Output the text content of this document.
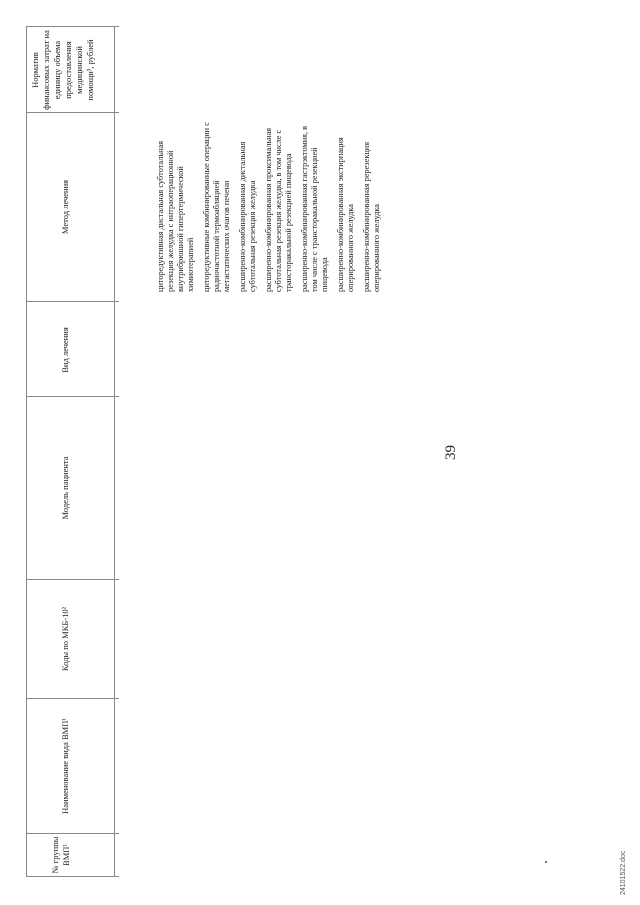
39
24101522.doc
№ группы ВМП¹
Наименование вида ВМП¹
Коды по МКБ-10²
Модель пациента
Вид лечения
Метод лечения
Норматив финансовых затрат на единицу объема предоставления медицинской помощи³, рублей

циторедуктивная дистальная субтотальная резекция желудка с интраоперационной внутрибрюшной гипертермической химиотерапией циторедуктивные комбинированные операции с радиочастотной термоабляцией метастатических очагов печени расширенно-комбинированная дистальная субтотальная резекция желудка расширенно-комбинированная проксимальная субтотальная резекция желудка, в том числе с трансторакальной резекцией пищевода расширенно-комбинированная гастрэктомия, в том числе с трансторакальной резекцией пищевода расширенно-комбинированная экстирпация оперированного желудка расширенно-комбинированная ререзекция оперированного желудка
